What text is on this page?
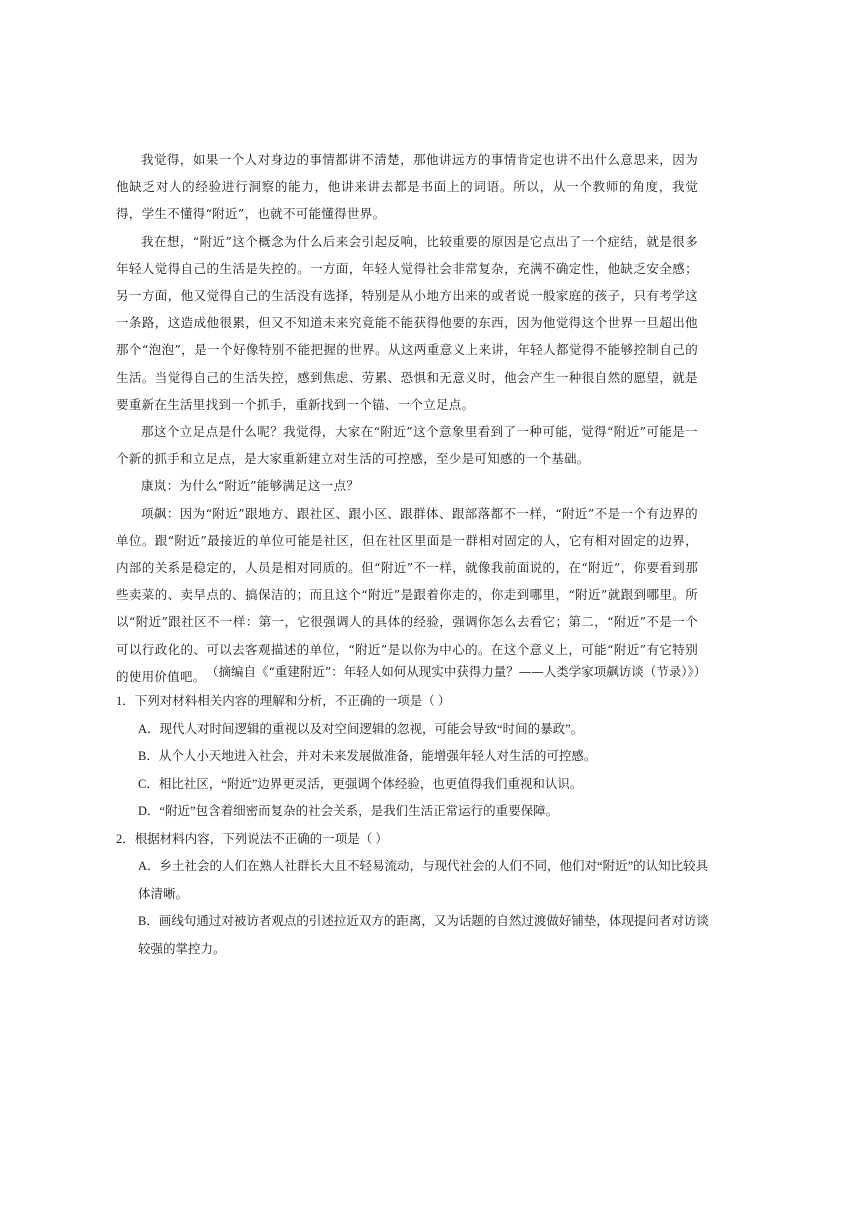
我觉得，如果一个人对身边的事情都讲不清楚，那他讲远方的事情肯定也讲不出什么意思来，因为他缺乏对人的经验进行洞察的能力，他讲来讲去都是书面上的词语。所以，从一个教师的角度，我觉得，学生不懂得“附近”，也就不可能懂得世界。

我在想，“附近”这个概念为什么后来会引起反响，比较重要的原因是它点出了一个症结，就是很多年轻人觉得自己的生活是失控的。一方面，年轻人觉得社会非常复杂，充满不确定性，他缺乏安全感；另一方面，他又觉得自己的生活没有选择，特别是从小地方出来的或者说一般家庭的孩子，只有考学这一条路，这造成他很累，但又不知道未来究竟能不能获得他要的东西，因为他觉得这个世界一旦超出他那个“泡泡”，是一个好像特别不能把握的世界。从这两重意义上来讲，年轻人都觉得不能够控制自己的生活。当觉得自己的生活失控，感到焦虑、劳累、恐惧和无意义时，他会产生一种很自然的愿望，就是要重新在生活里找到一个抓手，重新找到一个锚、一个立足点。

那这个立足点是什么呢？我觉得，大家在“附近”这个意象里看到了一种可能，觉得“附近”可能是一个新的抓手和立足点，是大家重新建立对生活的可控感，至少是可知感的一个基础。

康岚：为什么“附近”能够满足这一点？

项飙：因为“附近”跟地方、跟社区、跟小区、跟群体、跟部落都不一样，“附近”不是一个有边界的单位。跟“附近”最接近的单位可能是社区，但在社区里面是一群相对固定的人，它有相对固定的边界，内部的关系是稳定的，人员是相对同质的。但“附近”不一样，就像我前面说的，在“附近”，你要看到那些卖菜的、卖早点的、搞保洁的；而且这个“附近”是跟着你走的，你走到哪里，“附近”就跟到哪里。所以“附近”跟社区不一样：第一，它很强调人的具体的经验，强调你怎么去看它；第二，“附近”不是一个可以行政化的、可以去客观描述的单位，“附近”是以你为中心的。在这个意义上，可能“附近”有它特别的使用价值吧。 （摘编自《“重建附近”：年轻人如何从现实中获得力量？——人类学家项飙访谈（节录）》）

1．下列对材料相关内容的理解和分析，不正确的一项是（ ）

A．现代人对时间逻辑的重视以及对空间逻辑的忽视，可能会导致“时间的暴政”。

B．从个人小天地进入社会，并对未来发展做准备，能增强年轻人对生活的可控感。

C．相比社区，“附近”边界更灵活，更强调个体经验，也更值得我们重视和认识。

D．“附近”包含着细密而复杂的社会关系，是我们生活正常运行的重要保障。

2．根据材料内容，下列说法不正确的一项是（ ）

A．乡土社会的人们在熟人社群长大且不轻易流动，与现代社会的人们不同，他们对“附近”的认知比较具体清晰。

B．画线句通过对被访者观点的引述拉近双方的距离，又为话题的自然过渡做好铺垫，体现提问者对访谈较强的掌控力。
